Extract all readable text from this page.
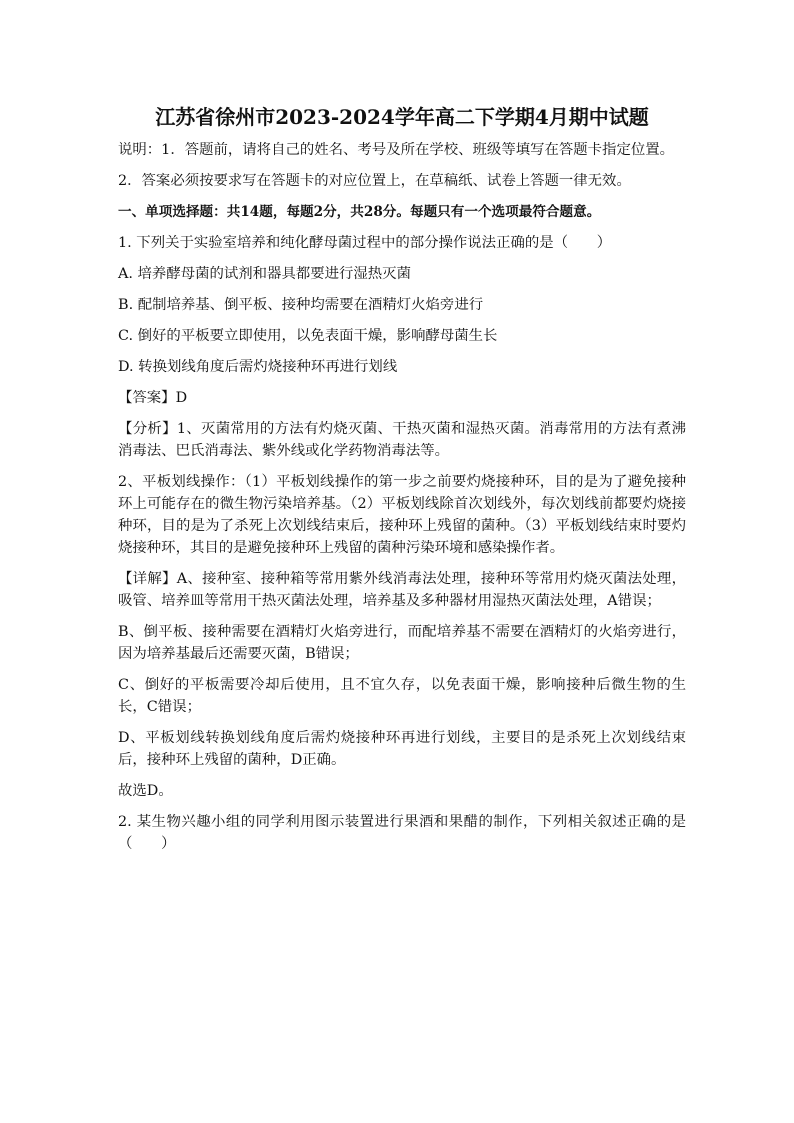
江苏省徐州市2023-2024学年高二下学期4月期中试题
说明：1．答题前，请将自己的姓名、考号及所在学校、班级等填写在答题卡指定位置。
2．答案必须按要求写在答题卡的对应位置上，在草稿纸、试卷上答题一律无效。
一、单项选择题：共14题，每题2分，共28分。每题只有一个选项最符合题意。
1. 下列关于实验室培养和纯化酵母菌过程中的部分操作说法正确的是（　　）
A. 培养酵母菌的试剂和器具都要进行湿热灭菌
B. 配制培养基、倒平板、接种均需要在酒精灯火焰旁进行
C. 倒好的平板要立即使用，以免表面干燥，影响酵母菌生长
D. 转换划线角度后需灼烧接种环再进行划线
【答案】D
【分析】1、灭菌常用的方法有灼烧灭菌、干热灭菌和湿热灭菌。消毒常用的方法有煮沸消毒法、巴氏消毒法、紫外线或化学药物消毒法等。
2、平板划线操作：（1）平板划线操作的第一步之前要灼烧接种环，目的是为了避免接种环上可能存在的微生物污染培养基。（2）平板划线除首次划线外，每次划线前都要灼烧接种环，目的是为了杀死上次划线结束后，接种环上残留的菌种。（3）平板划线结束时要灼烧接种环，其目的是避免接种环上残留的菌种污染环境和感染操作者。
【详解】A、接种室、接种箱等常用紫外线消毒法处理，接种环等常用灼烧灭菌法处理，吸管、培养皿等常用干热灭菌法处理，培养基及多种器材用湿热灭菌法处理，A错误；
B、倒平板、接种需要在酒精灯火焰旁进行，而配培养基不需要在酒精灯的火焰旁进行，因为培养基最后还需要灭菌，B错误；
C、倒好的平板需要冷却后使用，且不宜久存，以免表面干燥，影响接种后微生物的生长，C错误；
D、平板划线转换划线角度后需灼烧接种环再进行划线，主要目的是杀死上次划线结束后，接种环上残留的菌种，D正确。
故选D。
2. 某生物兴趣小组的同学利用图示装置进行果酒和果醋的制作，下列相关叙述正确的是（　　）
